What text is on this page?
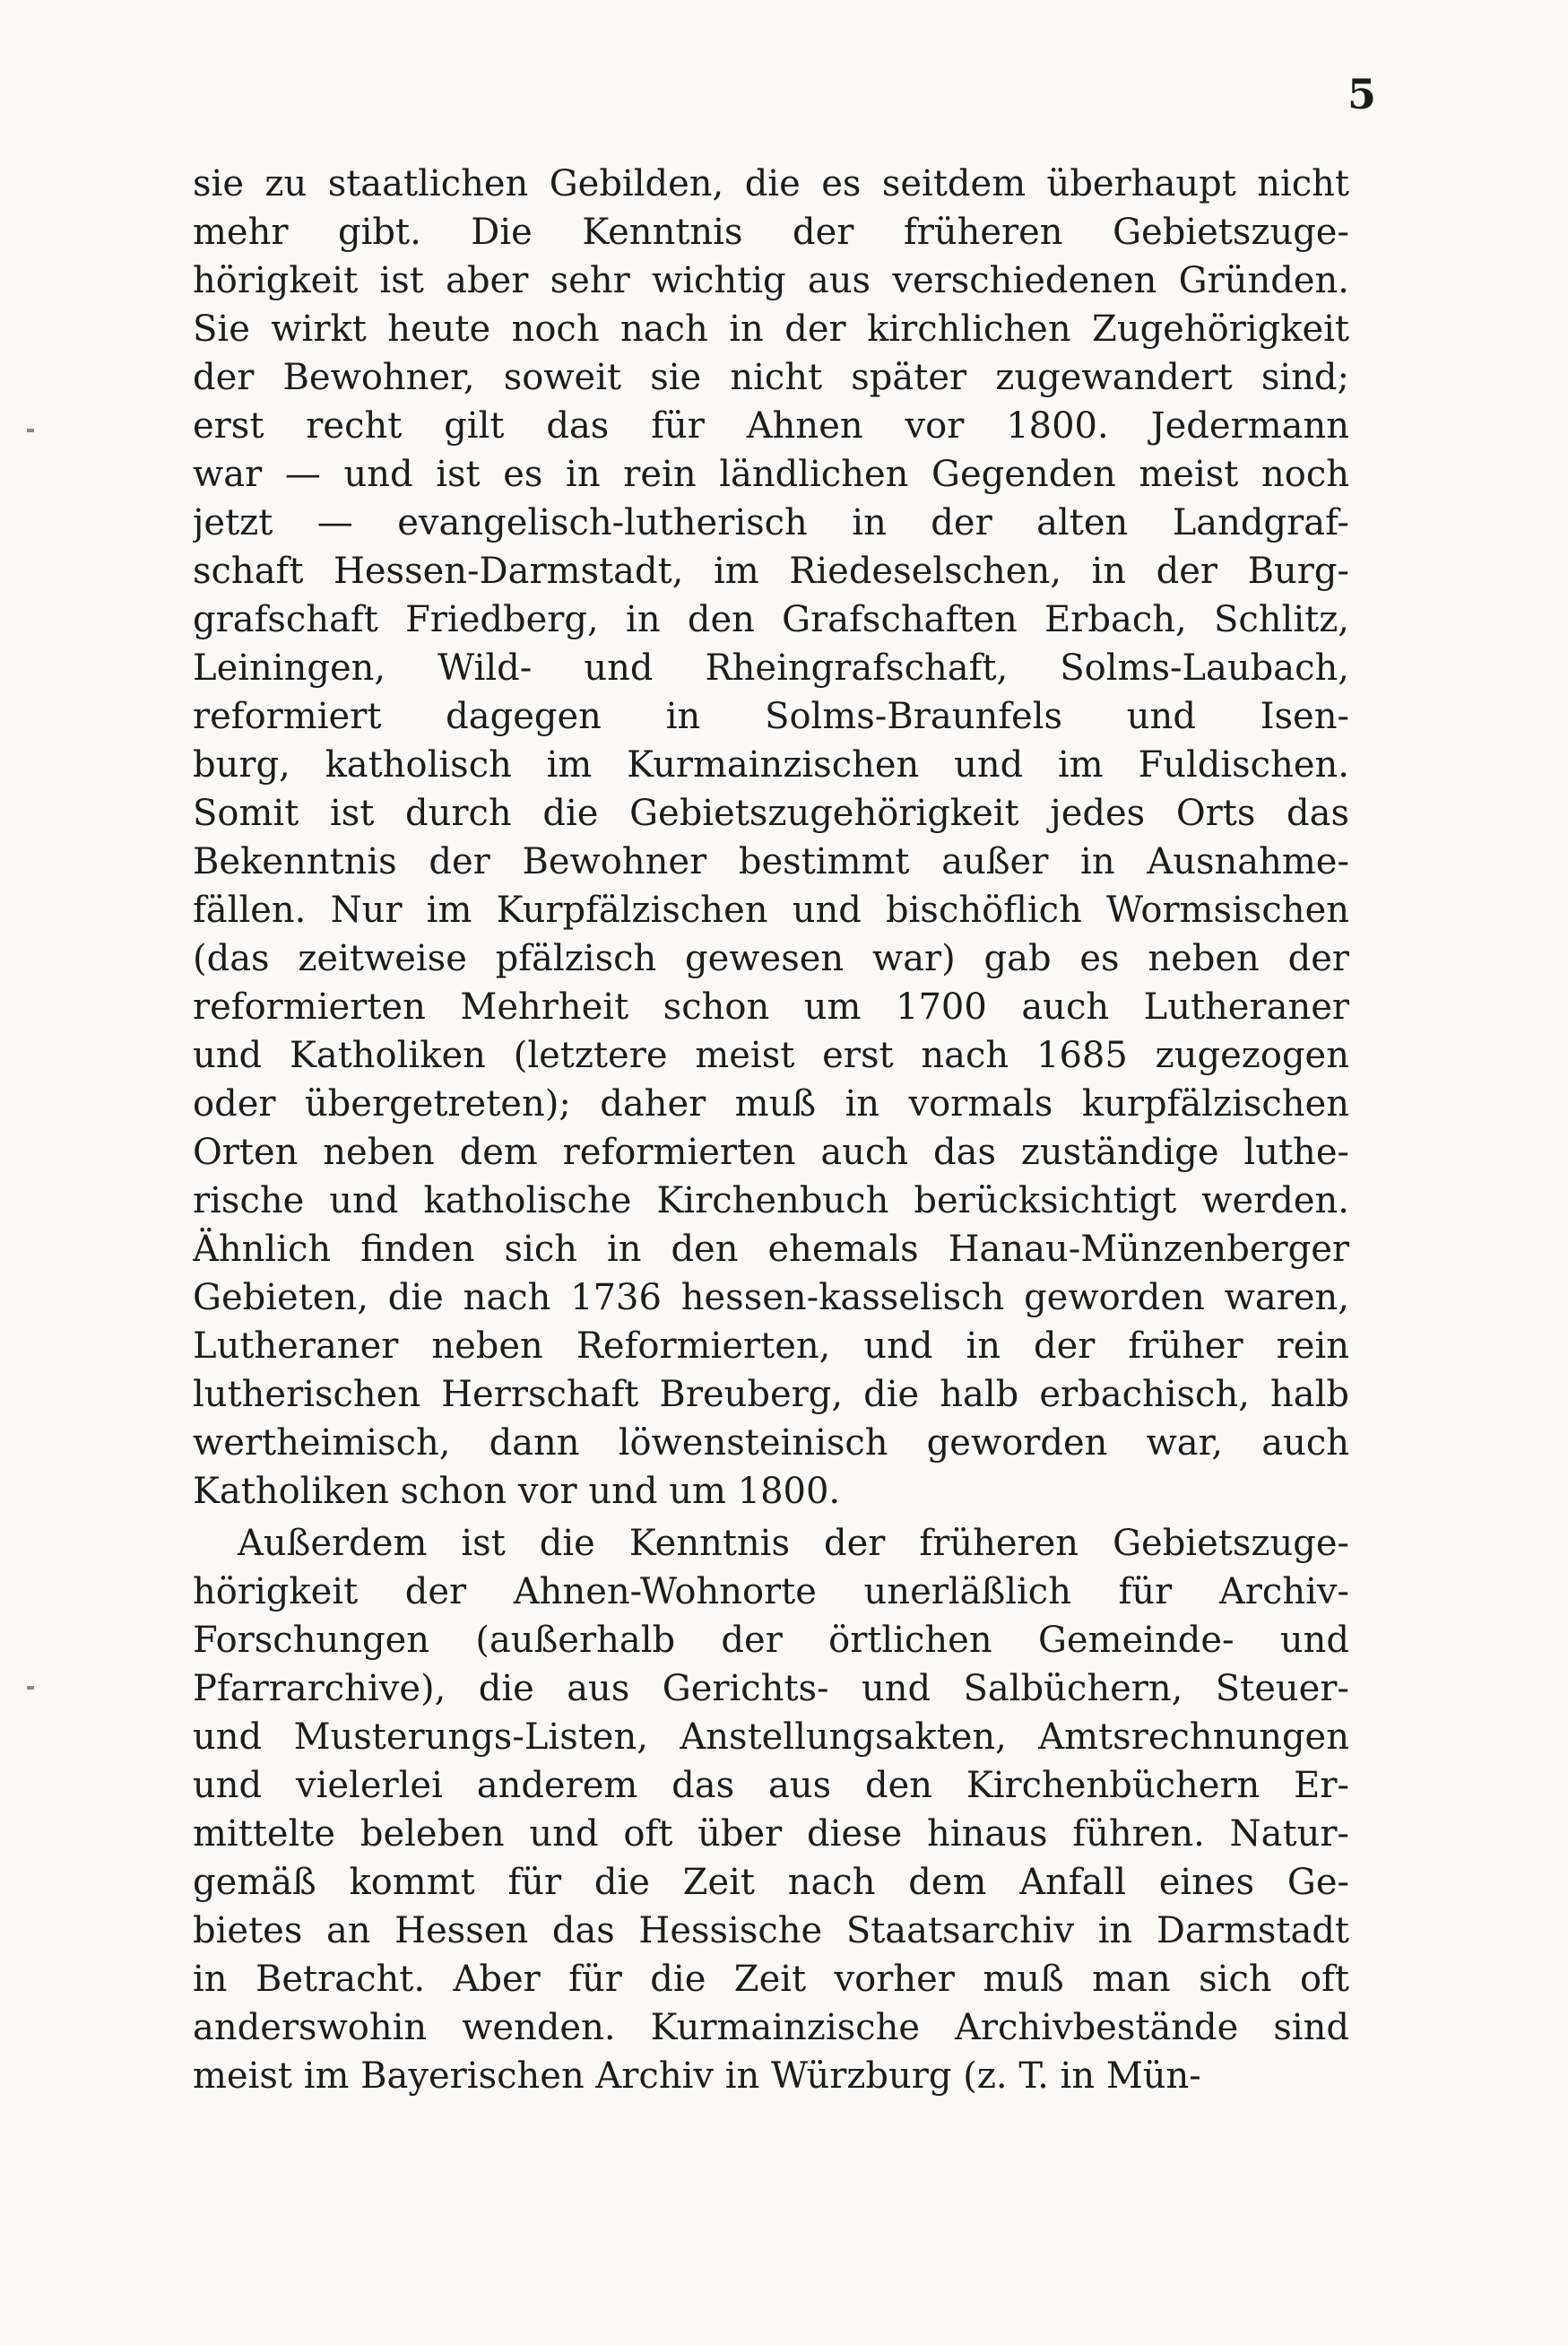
5
sie zu staatlichen Gebilden, die es seitdem überhaupt nicht
mehr gibt. Die Kenntnis der früheren Gebietszuge-
hörigkeit ist aber sehr wichtig aus verschiedenen Gründen.
Sie wirkt heute noch nach in der kirchlichen Zugehörigkeit
der Bewohner, soweit sie nicht später zugewandert sind;
erst recht gilt das für Ahnen vor 1800. Jedermann
war — und ist es in rein ländlichen Gegenden meist noch
jetzt — evangelisch-lutherisch in der alten Landgraf-
schaft Hessen-Darmstadt, im Riedeselschen, in der Burg-
grafschaft Friedberg, in den Grafschaften Erbach, Schlitz,
Leiningen, Wild- und Rheingrafschaft, Solms-Laubach,
reformiert dagegen in Solms-Braunfels und Isen-
burg, katholisch im Kurmainzischen und im Fuldischen.
Somit ist durch die Gebietszugehörigkeit jedes Orts das
Bekenntnis der Bewohner bestimmt außer in Ausnahme-
fällen. Nur im Kurpfälzischen und bischöflich Wormsischen
(das zeitweise pfälzisch gewesen war) gab es neben der
reformierten Mehrheit schon um 1700 auch Lutheraner
und Katholiken (letztere meist erst nach 1685 zugezogen
oder übergetreten); daher muß in vormals kurpfälzischen
Orten neben dem reformierten auch das zuständige luthe-
rische und katholische Kirchenbuch berücksichtigt werden.
Ähnlich finden sich in den ehemals Hanau-Münzenberger
Gebieten, die nach 1736 hessen-kasselisch geworden waren,
Lutheraner neben Reformierten, und in der früher rein
lutherischen Herrschaft Breuberg, die halb erbachisch, halb
wertheimisch, dann löwensteinisch geworden war, auch
Katholiken schon vor und um 1800.
Außerdem ist die Kenntnis der früheren Gebietszuge-
hörigkeit der Ahnen-Wohnorte unerläßlich für Archiv-
Forschungen (außerhalb der örtlichen Gemeinde- und
Pfarrarchive), die aus Gerichts- und Salbüchern, Steuer-
und Musterungs-Listen, Anstellungsakten, Amtsrechnungen
und vielerlei anderem das aus den Kirchenbüchern Er-
mittelte beleben und oft über diese hinaus führen. Natur-
gemäß kommt für die Zeit nach dem Anfall eines Ge-
bietes an Hessen das Hessische Staatsarchiv in Darmstadt
in Betracht. Aber für die Zeit vorher muß man sich oft
anderswohin wenden. Kurmainzische Archivbestände sind
meist im Bayerischen Archiv in Würzburg (z. T. in Mün-
